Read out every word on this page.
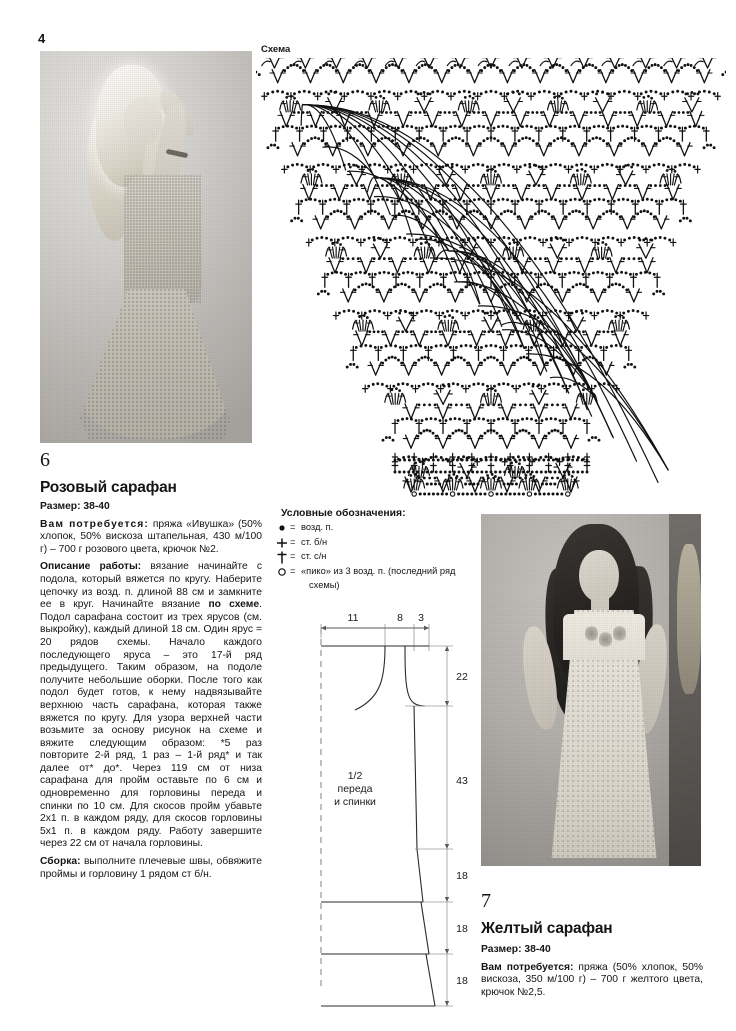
4
6
Розовый сарафан

Размер: 38-40

Вам потребуется: пряжа «Ивушка» (50% хлопок, 50% вискоза штапельная, 430 м/100 г) – 700 г розового цвета, крючок №2.

Описание работы: вязание начинайте с подола, который вяжется по кругу. Наберите цепочку из возд. п. длиной 88 см и замкните ее в круг. Начинайте вязание по схеме. Подол сарафана состоит из трех ярусов (см. выкройку), каждый длиной 18 см. Один ярус = 20 рядов схемы. Начало каждого последующего яруса – это 17-й ряд предыдущего. Таким образом, на подоле получите небольшие оборки. После того как подол будет готов, к нему надвязывайте верхнюю часть сарафана, которая также вяжется по кругу. Для узора верхней части возьмите за основу рисунок на схеме и вяжите следующим образом: *5 раз повторите 2-й ряд, 1 раз – 1-й ряд* и так далее от* до*. Через 119 см от низа сарафана для пройм оставьте по 6 см и одновременно для горловины переда и спинки по 10 см. Для скосов пройм убавьте 2х1 п. в каждом ряду, для скосов горловины 5х1 п. в каждом ряду. Работу завершите через 22 см от начала горловины.

Сборка: выполните плечевые швы, обвяжите проймы и горловину 1 рядом ст б/н.

Схема
Условные обозначения:
= возд. п.
= ст. б/н
= ст. с/н
= «пико» из 3 возд. п. (последний ряд
схемы)
11	8 3
22
43
18
18
18
1/2
переда
и спинки
7
Желтый сарафан

Размер: 38-40

Вам потребуется: пряжа (50% хлопок, 50% вискоза, 350 м/100 г) – 700 г желтого цвета, крючок №2,5.
